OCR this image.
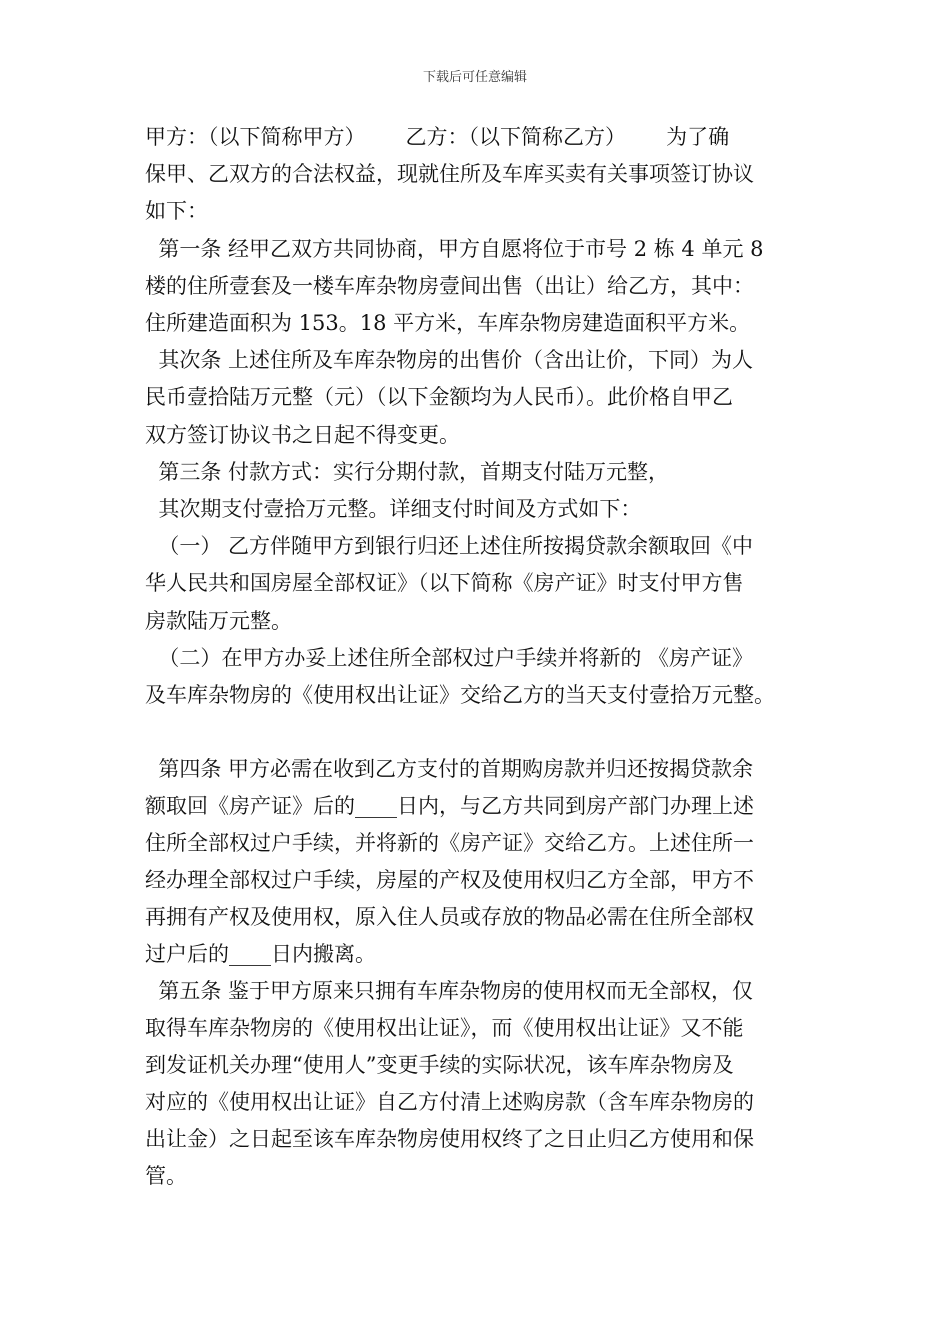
下载后可任意编辑
甲方：（以下简称甲方）      乙方：（以下简称乙方）      为了确
保甲、乙双方的合法权益，现就住所及车库买卖有关事项签订协议
如下：
第一条 经甲乙双方共同协商，甲方自愿将位于市号 2 栋 4 单元 8
楼的住所壹套及一楼车库杂物房壹间出售（出让）给乙方，其中：
住所建造面积为 153。18 平方米，车库杂物房建造面积平方米。
其次条 上述住所及车库杂物房的出售价（含出让价，下同）为人
民币壹拾陆万元整（元）（以下金额均为人民币）。此价格自甲乙
双方签订协议书之日起不得变更。
第三条 付款方式：实行分期付款，首期支付陆万元整，
其次期支付壹拾万元整。详细支付时间及方式如下：
（一） 乙方伴随甲方到银行归还上述住所按揭贷款余额取回《中
华人民共和国房屋全部权证》（以下简称《房产证》时支付甲方售
房款陆万元整。
（二）在甲方办妥上述住所全部权过户手续并将新的 《房产证》
及车库杂物房的《使用权出让证》交给乙方的当天支付壹拾万元整。
第四条 甲方必需在收到乙方支付的首期购房款并归还按揭贷款余
额取回《房产证》后的____日内，与乙方共同到房产部门办理上述
住所全部权过户手续，并将新的《房产证》交给乙方。上述住所一
经办理全部权过户手续，房屋的产权及使用权归乙方全部，甲方不
再拥有产权及使用权，原入住人员或存放的物品必需在住所全部权
过户后的____日内搬离。
第五条 鉴于甲方原来只拥有车库杂物房的使用权而无全部权，仅
取得车库杂物房的《使用权出让证》，而《使用权出让证》又不能
到发证机关办理“使用人”变更手续的实际状况，该车库杂物房及
对应的《使用权出让证》自乙方付清上述购房款（含车库杂物房的
出让金）之日起至该车库杂物房使用权终了之日止归乙方使用和保
管。
